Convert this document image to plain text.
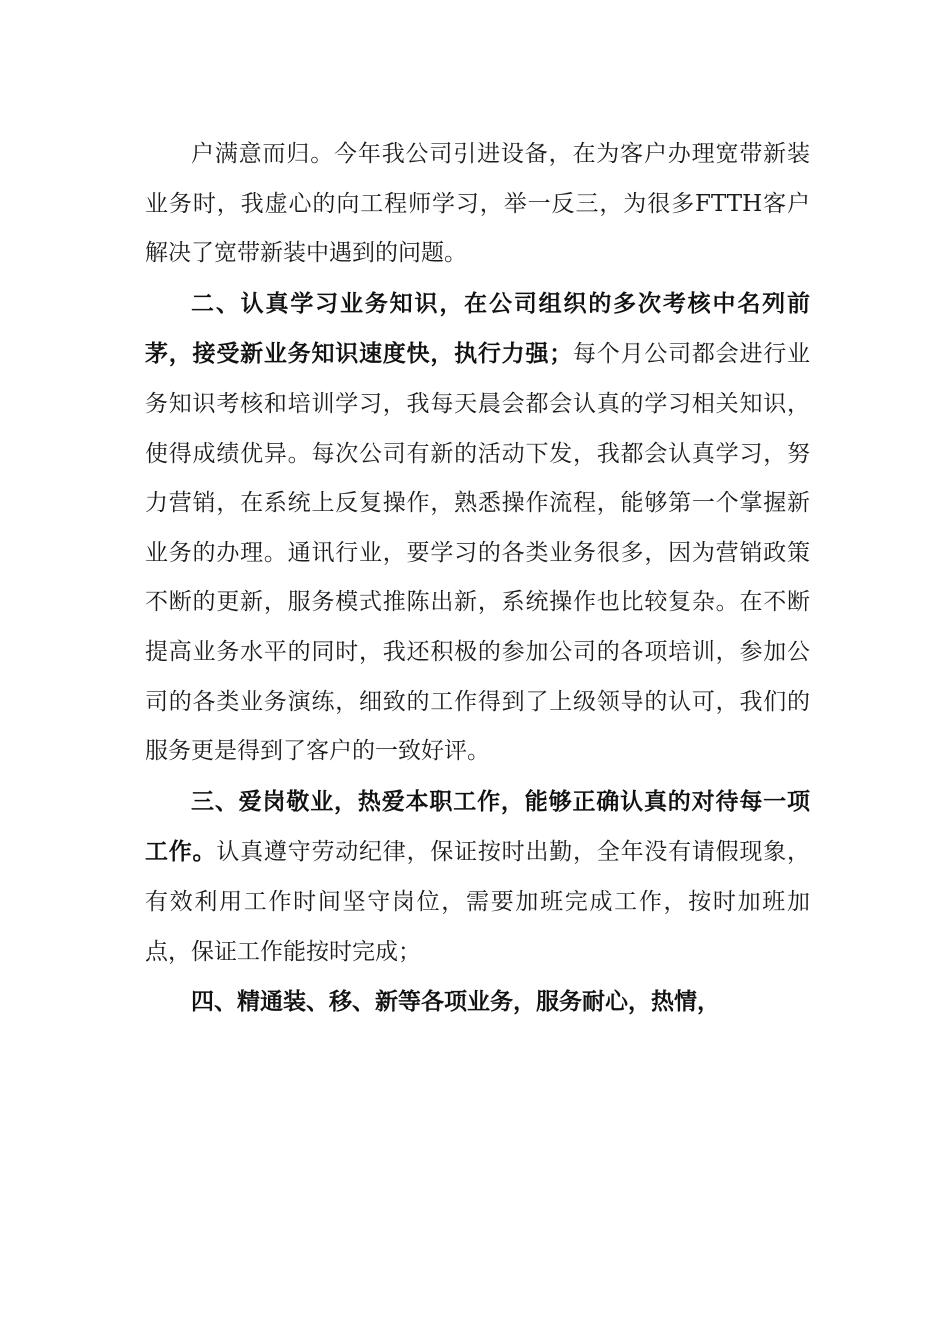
户满意而归。今年我公司引进设备，在为客户办理宽带新装业务时，我虚心的向工程师学习，举一反三，为很多FTTH客户解决了宽带新装中遇到的问题。

二、认真学习业务知识，在公司组织的多次考核中名列前茅，接受新业务知识速度快，执行力强；每个月公司都会进行业务知识考核和培训学习，我每天晨会都会认真的学习相关知识，使得成绩优异。每次公司有新的活动下发，我都会认真学习，努力营销，在系统上反复操作，熟悉操作流程，能够第一个掌握新业务的办理。通讯行业，要学习的各类业务很多，因为营销政策不断的更新，服务模式推陈出新，系统操作也比较复杂。在不断提高业务水平的同时，我还积极的参加公司的各项培训，参加公司的各类业务演练，细致的工作得到了上级领导的认可，我们的服务更是得到了客户的一致好评。

三、爱岗敬业，热爱本职工作，能够正确认真的对待每一项工作。认真遵守劳动纪律，保证按时出勤，全年没有请假现象，有效利用工作时间坚守岗位，需要加班完成工作，按时加班加点，保证工作能按时完成；

四、精通装、移、新等各项业务，服务耐心，热情，
